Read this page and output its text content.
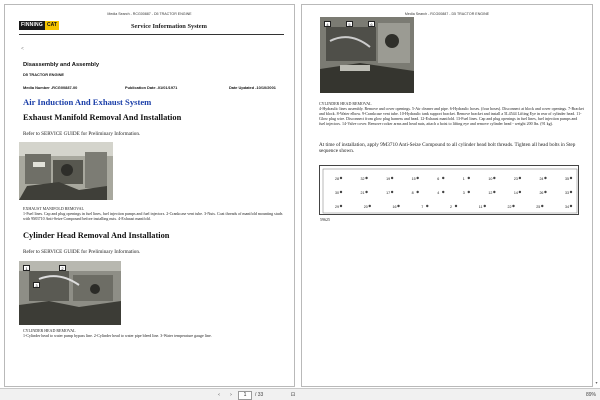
Media Search - RCG00887 - D5 TRACTOR ENGINE
FINNING CAT	Service Information System
<
Disassembly and Assembly
D5 TRACTOR ENGINE
Media Number -RCG00887-00	Publication Date -01/01/1971	Date Updated -10/10/2001
Air Induction And Exhaust System
Exhaust Manifold Removal And Installation
Refer to SERVICE GUIDE for Preliminary Information.
EXHAUST MANIFOLD REMOVAL
1-Fuel lines. Cap and plug openings in fuel lines, fuel injection pumps and fuel injectors. 2-Crankcase vent tube. 3-Nuts. Coat threads of manifold mounting studs with 9M3710 Anti-Seize Compound before installing nuts. 4-Exhaust manifold.
Cylinder Head Removal And Installation
Refer to SERVICE GUIDE for Preliminary Information.
1	2
3
CYLINDER HEAD REMOVAL
1-Cylinder head to water pump bypass line. 2-Cylinder head to water pipe bleed line. 3-Water temperature gauge line.
Media Search - RCG00887 - D5 TRACTOR ENGINE
4	5	6
CYLINDER HEAD REMOVAL
4-Hydraulic lines assembly. Remove and cover openings. 5-Air cleaner and pipe. 6-Hydraulic hoses. (four hoses). Disconnect at block and cover openings. 7-Bracket and block. 8-Water elbow. 9-Crankcase vent tube. 10-Hydraulic tank support bracket. Remove bracket and install a 5L4544 Lifting Eye in rear of cylinder head. 11-Glow plug wire. Disconnect from glow plug harness and head. 12-Exhaust manifold. 13-Fuel lines. Cap and plug openings in fuel lines, fuel injection pumps and fuel injectors. 14-Valve cover. Remove rocker arms and head nuts, attach a hoist to lifting eye and remove cylinder head - weight 200 lbs. (91 kg).
At time of installation, apply 9M3710 Anti-Seize Compound to all cylinder head bolt threads. Tighten all head bolts in Step sequence shown.
28	32	19	15	6	1	10	23	24	35
30	21	17	8	4	3	12	14	26	33
29	20	16	7	2	11	22	25	34
59625
▾
‹	›	1	/ 33	⊡	89%
